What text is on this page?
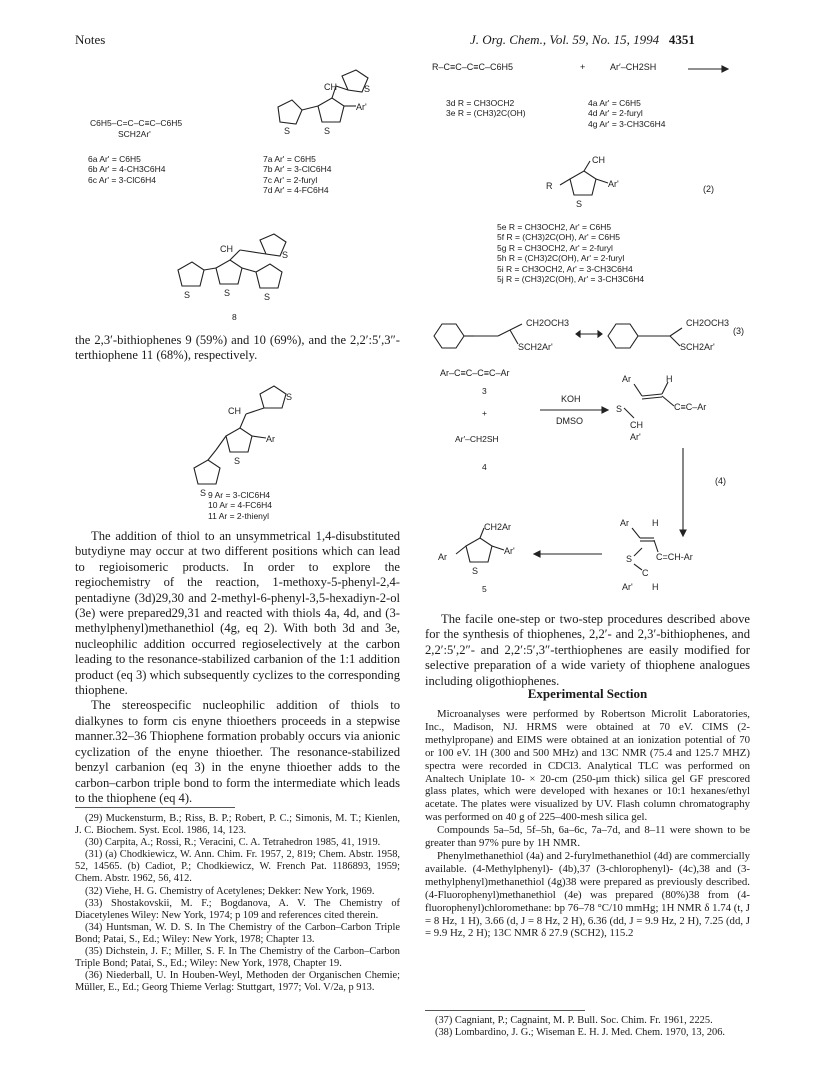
Notes	J. Org. Chem., Vol. 59, No. 15, 1994 4351
C6H5–C=C–C≡C–C6H5
SCH2Ar'
6a Ar' = C6H5
6b Ar' = 4-CH3C6H4
6c Ar' = 3-ClC6H4
S	S
S
CH
Ar'
7a Ar' = C6H5
7b Ar' = 3-ClC6H4
7c Ar' = 2-furyl
7d Ar' = 4-FC6H4
S	S	S
S
CH
8

the 2,3′-bithiophenes 9 (59%) and 10 (69%), and the 2,2′:5′,3″-terthiophene 11 (68%), respectively.

S
S
S
CH
Ar
9 Ar = 3-ClC6H4
10 Ar = 4-FC6H4
11 Ar = 2-thienyl

The addition of thiol to an unsymmetrical 1,4-disubstituted butydiyne may occur at two different positions which can lead to regioisomeric products. In order to explore the regiochemistry of the reaction, 1-methoxy-5-phenyl-2,4-pentadiyne (3d)29,30 and 2-methyl-6-phenyl-3,5-hexadiyn-2-ol (3e) were prepared29,31 and reacted with thiols 4a, 4d, and (3-methylphenyl)methanethiol (4g, eq 2). With both 3d and 3e, nucleophilic addition occurred regioselectively at the carbon leading to the resonance-stabilized carbanion of the 1:1 addition product (eq 3) which subsequently cyclizes to the corresponding thiophene.

The stereospecific nucleophilic addition of thiols to dialkynes to form cis enyne thioethers proceeds in a stepwise manner.32–36 Thiophene formation probably occurs via anionic cyclization of the enyne thioether. The resonance-stabilized benzyl carbanion (eq 3) in the enyne thioether adds to the carbon–carbon triple bond to form the intermediate which leads to the thiophene (eq 4).

(29) Muckensturm, B.; Riss, B. P.; Robert, P. C.; Simonis, M. T.; Kienlen, J. C. Biochem. Syst. Ecol. 1986, 14, 123.

(30) Carpita, A.; Rossi, R.; Veracini, C. A. Tetrahedron 1985, 41, 1919.

(31) (a) Chodkiewicz, W. Ann. Chim. Fr. 1957, 2, 819; Chem. Abstr. 1958, 52, 14565. (b) Cadiot, P.; Chodkiewicz, W. French Pat. 1186893, 1959; Chem. Abstr. 1962, 56, 412.

(32) Viehe, H. G. Chemistry of Acetylenes; Dekker: New York, 1969.

(33) Shostakovskii, M. F.; Bogdanova, A. V. The Chemistry of Diacetylenes Wiley: New York, 1974; p 109 and references cited therein.

(34) Huntsman, W. D. S. In The Chemistry of the Carbon–Carbon Triple Bond; Patai, S., Ed.; Wiley: New York, 1978; Chapter 13.

(35) Dichstein, J. F.; Miller, S. F. In The Chemistry of the Carbon–Carbon Triple Bond; Patai, S., Ed.; Wiley: New York, 1978, Chapter 19.

(36) Niederball, U. In Houben-Weyl, Methoden der Organischen Chemie; Müller, E., Ed.; Georg Thieme Verlag: Stuttgart, 1977; Vol. V/2a, p 913.

R–C≡C–C≡C–C6H5	+	Ar′–CH2SH
3d R = CH3OCH2
3e R = (CH3)2C(OH)
4a Ar' = C6H5
4d Ar' = 2-furyl
4g Ar' = 3-CH3C6H4
CH
R
S
Ar'	(2)
5e R = CH3OCH2, Ar' = C6H5
5f R = (CH3)2C(OH), Ar' = C6H5
5g R = CH3OCH2, Ar' = 2-furyl
5h R = (CH3)2C(OH), Ar' = 2-furyl
5i R = CH3OCH2, Ar' = 3-CH3C6H4
5j R = (CH3)2C(OH), Ar' = 3-CH3C6H4
CH2OCH3
SCH2Ar'
CH2OCH3
SCH2Ar'
(3)
Ar–C≡C–C≡C–Ar
3
+
Ar′–CH2SH
4
KOH
DMSO
Ar	H
C≡C–Ar
S
CH
Ar'
(4)
Ar	H
S	C=CH-Ar
C
Ar' H
CH2Ar
Ar
S
Ar'
5

The facile one-step or two-step procedures described above for the synthesis of thiophenes, 2,2′- and 2,3′-bithiophenes, and 2,2′:5′,2″- and 2,2′:5′,3″-terthiophenes are easily modified for selective preparation of a wide variety of thiophene analogues including oligothiophenes.

Experimental Section

Microanalyses were performed by Robertson Microlit Laboratories, Inc., Madison, NJ. HRMS were obtained at 70 eV. CIMS (2-methylpropane) and EIMS were obtained at an ionization potential of 70 or 100 eV. 1H (300 and 500 MHz) and 13C NMR (75.4 and 125.7 MHZ) spectra were recorded in CDCl3. Analytical TLC was performed on Analtech Uniplate 10- × 20-cm (250-μm thick) silica gel GF prescored glass plates, which were developed with hexanes or 10:1 hexanes/ethyl acetate. The plates were visualized by UV. Flash column chromatography was performed on 40 g of 225–400-mesh silica gel.

Compounds 5a–5d, 5f–5h, 6a–6c, 7a–7d, and 8–11 were shown to be greater than 97% pure by 1H NMR.

Phenylmethanethiol (4a) and 2-furylmethanethiol (4d) are commercially available. (4-Methylphenyl)- (4b),37 (3-chlorophenyl)- (4c),38 and (3-methylphenyl)methanethiol (4g)38 were prepared as previously described. (4-Fluorophenyl)methanethiol (4e) was prepared (80%)38 from (4-fluorophenyl)chloromethane: bp 76–78 °C/10 mmHg; 1H NMR δ 1.74 (t, J = 8 Hz, 1 H), 3.66 (d, J = 8 Hz, 2 H), 6.36 (dd, J = 9.9 Hz, 2 H), 7.25 (dd, J = 9.9 Hz, 2 H); 13C NMR δ 27.9 (SCH2), 115.2

(37) Cagniant, P.; Cagnaint, M. P. Bull. Soc. Chim. Fr. 1961, 2225.

(38) Lombardino, J. G.; Wiseman E. H. J. Med. Chem. 1970, 13, 206.
